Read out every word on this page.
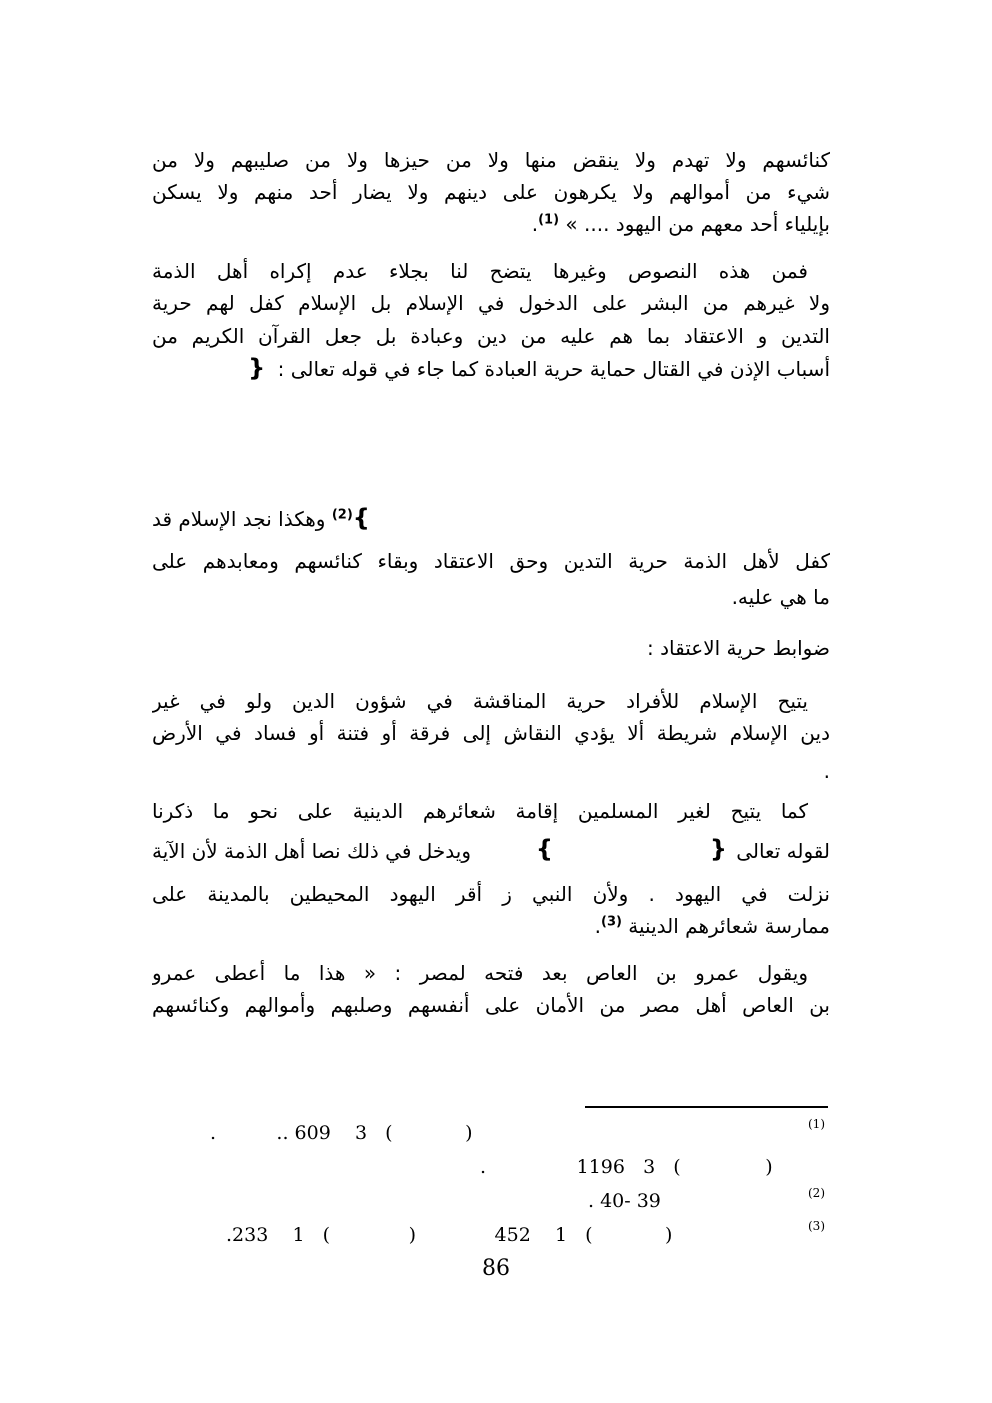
كنائسهم ولا تهدم ولا ينقض منها ولا من حيزها ولا من صليبهم ولا من
شيء من أموالهم ولا يكرهون على دينهم ولا يضار أحد منهم ولا يسكن
بإيلياء أحد معهم من اليهود .... » $^{(1)}$.
فمن هذه النصوص وغيرها يتضح لنا بجلاء عدم إكراه أهل الذمة
ولا غيرهم من البشر على الدخول في الإسلام بل الإسلام كفل لهم حرية
التدين و الاعتقاد بما هم عليه من دين وعبادة بل جعل القرآن الكريم من
أسباب الإذن في القتال حماية حرية العبادة كما جاء في قوله تعالى : {
}$^{(2)}$ وهكذا نجد الإسلام قد
كفل لأهل الذمة حرية التدين وحق الاعتقاد وبقاء كنائسهم ومعابدهم على
ما هي عليه.
ضوابط حرية الاعتقاد :
يتيح الإسلام للأفراد حرية المناقشة في شؤون الدين ولو في غير
دين الإسلام شريطة ألا يؤدي النقاش إلى فرقة أو فتنة أو فساد في الأرض
.
كما يتيح لغير المسلمين إقامة شعائرهم الدينية على نحو ما ذكرنا
لقوله تعالى
{
}
ويدخل في ذلك نصا أهل الذمة لأن الآية
نزلت في اليهود . ولأن النبي ز أقر اليهود المحيطين بالمدينة على
ممارسة شعائرهم الدينية $^{(3)}$.
ويقول عمرو بن العاص بعد فتحه لمصر : « هذا ما أعطى عمرو
بن العاص أهل مصر من الأمان على أنفسهم وصلبهم وأموالهم وكنائسهم
(1)
.          .. 609    3   (            )
.               1196   3   (              )
(2)
. 40- 39
(3)
.233    1   (             )             452    1   (            )
86
